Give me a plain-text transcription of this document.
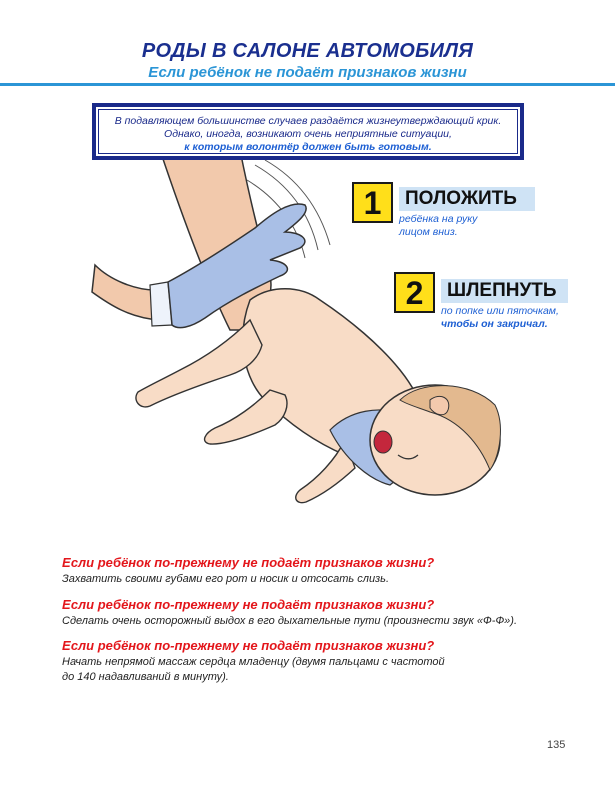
РОДЫ В САЛОНЕ АВТОМОБИЛЯ
Если ребёнок не подаёт признаков жизни
В подавляющем большинстве случаев раздаётся жизнеутверждающий крик.
Однако, иногда, возникают очень неприятные ситуации,
к которым волонтёр должен быть готовым.
1	ПОЛОЖИТЬ
ребёнка на руку
лицом вниз.
2	ШЛЕПНУТЬ
по попке или пяточкам,
чтобы он закричал.
Если ребёнок по-прежнему не подаёт признаков жизни?
Захватить своими губами его рот и носик и отсосать слизь.
Если ребёнок по-прежнему не подаёт признаков жизни?
Сделать очень осторожный выдох в его дыхательные пути (произнести звук «Ф-Ф»).
Если ребёнок по-прежнему не подаёт признаков жизни?
Начать непрямой массаж сердца младенцу (двумя пальцами с частотой
до 140 надавливаний в минуту).
135
